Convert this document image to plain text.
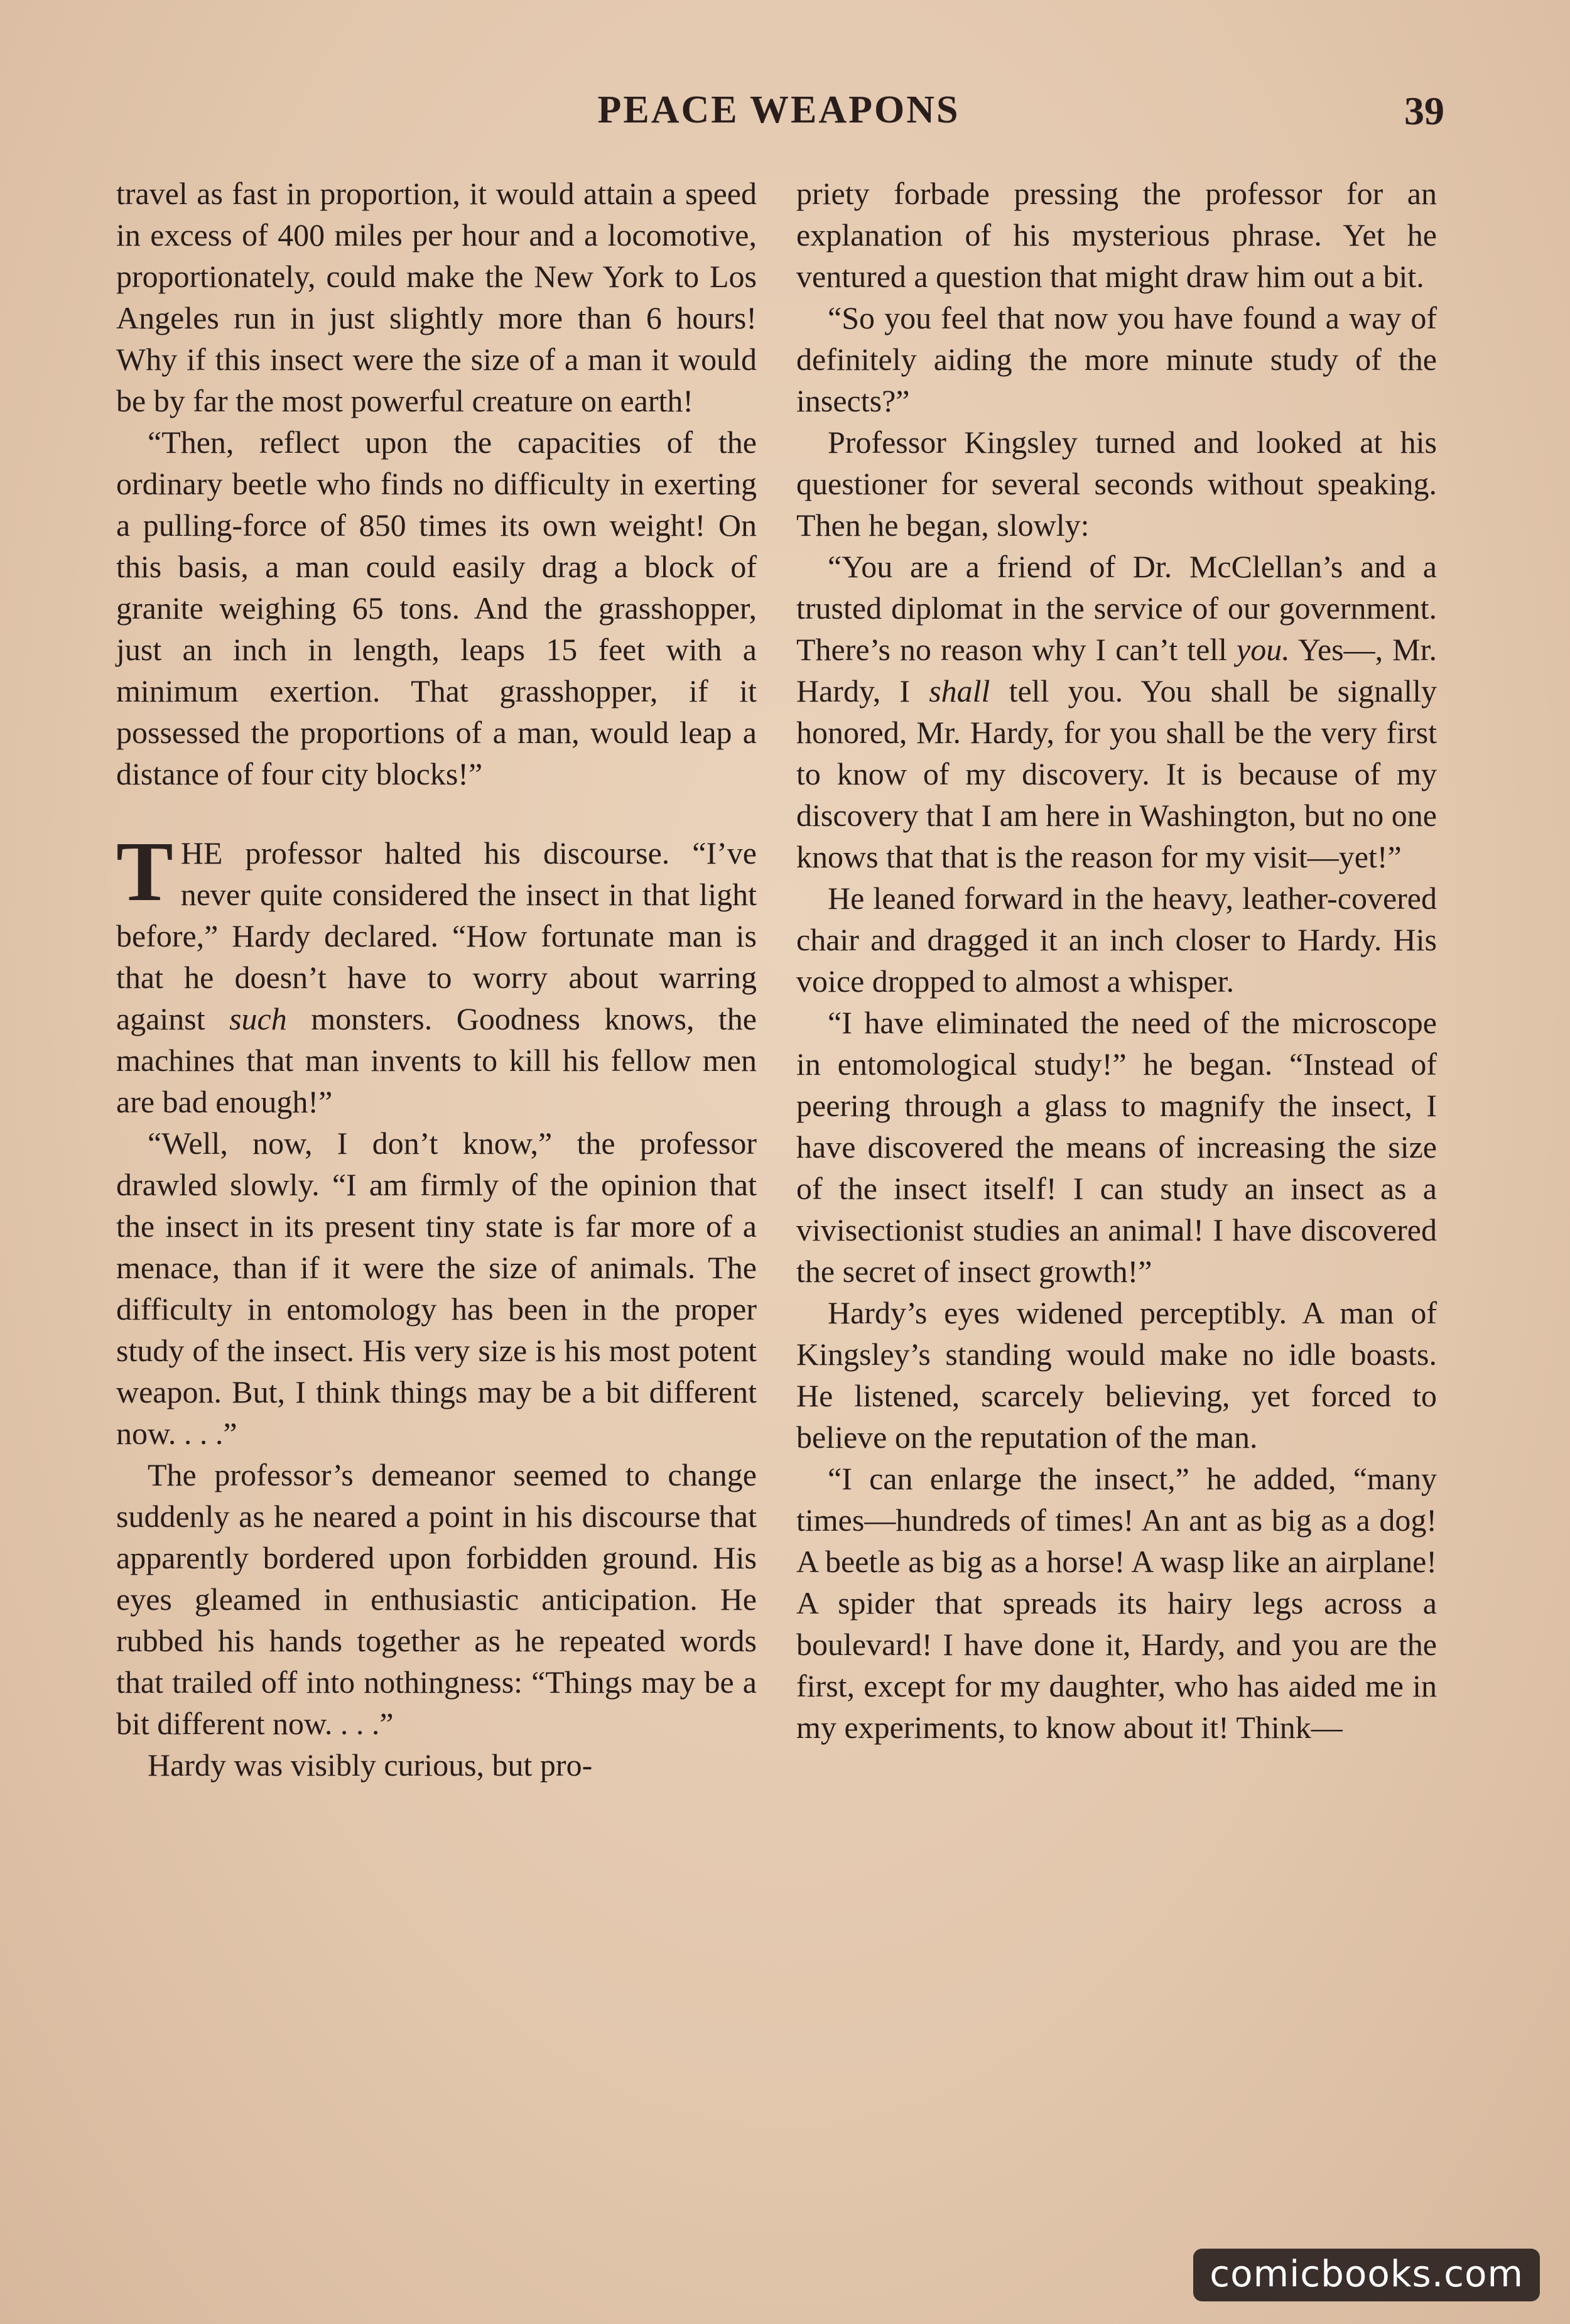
PEACE WEAPONS	39

travel as fast in proportion, it would attain a speed in excess of 400 miles per hour and a locomotive, proportionately, could make the New York to Los Angeles run in just slightly more than 6 hours! Why if this insect were the size of a man it would be by far the most powerful creature on earth!

“Then, reflect upon the capacities of the ordinary beetle who finds no difficulty in exerting a pulling-force of 850 times its own weight! On this basis, a man could easily drag a block of granite weighing 65 tons. And the grasshopper, just an inch in length, leaps 15 feet with a minimum exertion. That grasshopper, if it possessed the proportions of a man, would leap a distance of four city blocks!”

THE professor halted his discourse. “I’ve never quite considered the insect in that light before,” Hardy declared. “How fortunate man is that he doesn’t have to worry about warring against such monsters. Goodness knows, the machines that man invents to kill his fellow men are bad enough!”

“Well, now, I don’t know,” the professor drawled slowly. “I am firmly of the opinion that the insect in its present tiny state is far more of a menace, than if it were the size of animals. The difficulty in entomology has been in the proper study of the insect. His very size is his most potent weapon. But, I think things may be a bit different now. . . .”

The professor’s demeanor seemed to change suddenly as he neared a point in his discourse that apparently bordered upon forbidden ground. His eyes gleamed in enthusiastic anticipation. He rubbed his hands together as he repeated words that trailed off into nothingness: “Things may be a bit different now. . . .”

Hardy was visibly curious, but pro-

priety forbade pressing the professor for an explanation of his mysterious phrase. Yet he ventured a question that might draw him out a bit.

“So you feel that now you have found a way of definitely aiding the more minute study of the insects?”

Professor Kingsley turned and looked at his questioner for several seconds without speaking. Then he began, slowly:

“You are a friend of Dr. McClellan’s and a trusted diplomat in the service of our government. There’s no reason why I can’t tell you. Yes—, Mr. Hardy, I shall tell you. You shall be signally honored, Mr. Hardy, for you shall be the very first to know of my discovery. It is because of my discovery that I am here in Washington, but no one knows that that is the reason for my visit—yet!”

He leaned forward in the heavy, leather-covered chair and dragged it an inch closer to Hardy. His voice dropped to almost a whisper.

“I have eliminated the need of the microscope in entomological study!” he began. “Instead of peering through a glass to magnify the insect, I have discovered the means of increasing the size of the insect itself! I can study an insect as a vivisectionist studies an animal! I have discovered the secret of insect growth!”

Hardy’s eyes widened perceptibly. A man of Kingsley’s standing would make no idle boasts. He listened, scarcely believing, yet forced to believe on the reputation of the man.

“I can enlarge the insect,” he added, “many times—hundreds of times! An ant as big as a dog! A beetle as big as a horse! A wasp like an airplane! A spider that spreads its hairy legs across a boulevard! I have done it, Hardy, and you are the first, except for my daughter, who has aided me in my experiments, to know about it! Think—

comicbooks.com
